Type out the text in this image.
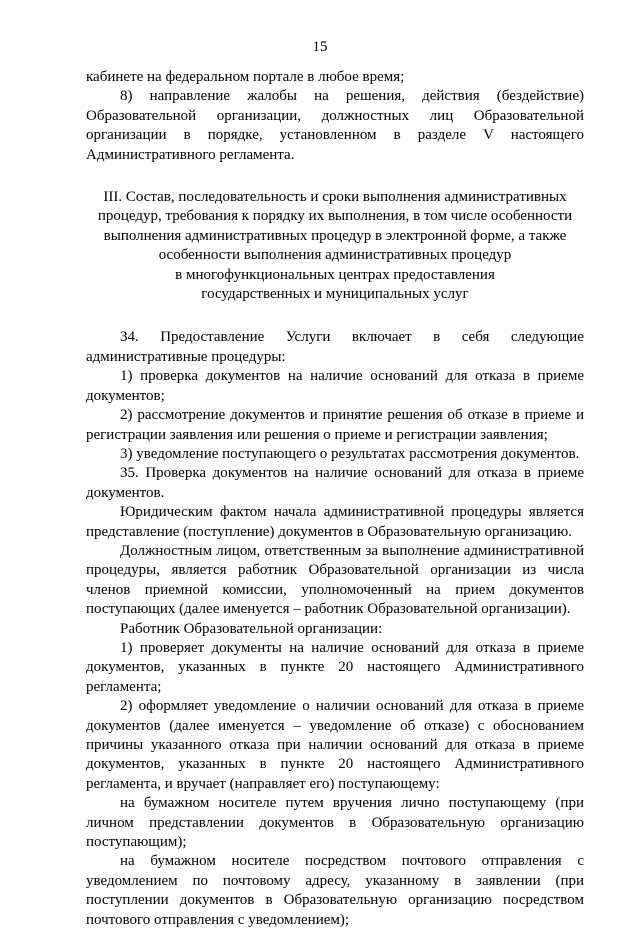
15

кабинете на федеральном портале в любое время;

8) направление жалобы на решения, действия (бездействие) Образовательной организации, должностных лиц Образовательной организации в порядке, установленном в разделе V настоящего Административного регламента.

III. Состав, последовательность и сроки выполнения административных
процедур, требования к порядку их выполнения, в том числе особенности
выполнения административных процедур в электронной форме, а также
особенности выполнения административных процедур
в многофункциональных центрах предоставления
государственных и муниципальных услуг

34. Предоставление Услуги включает в себя следующие административные процедуры:

1) проверка документов на наличие оснований для отказа в приеме документов;

2) рассмотрение документов и принятие решения об отказе в приеме и регистрации заявления или решения о приеме и регистрации заявления;

3) уведомление поступающего о результатах рассмотрения документов.

35. Проверка документов на наличие оснований для отказа в приеме документов.

Юридическим фактом начала административной процедуры является представление (поступление) документов в Образовательную организацию.

Должностным лицом, ответственным за выполнение административной процедуры, является работник Образовательной организации из числа членов приемной комиссии, уполномоченный на прием документов поступающих (далее именуется – работник Образовательной организации).

Работник Образовательной организации:

1) проверяет документы на наличие оснований для отказа в приеме документов, указанных в пункте 20 настоящего Административного регламента;

2) оформляет уведомление о наличии оснований для отказа в приеме документов (далее именуется – уведомление об отказе) с обоснованием причины указанного отказа при наличии оснований для отказа в приеме документов, указанных в пункте 20 настоящего Административного регламента, и вручает (направляет его) поступающему:

на бумажном носителе путем вручения лично поступающему (при личном представлении документов в Образовательную организацию поступающим);

на бумажном носителе посредством почтового отправления с уведомлением по почтовому адресу, указанному в заявлении (при поступлении документов в Образовательную организацию посредством почтового отправления с уведомлением);
